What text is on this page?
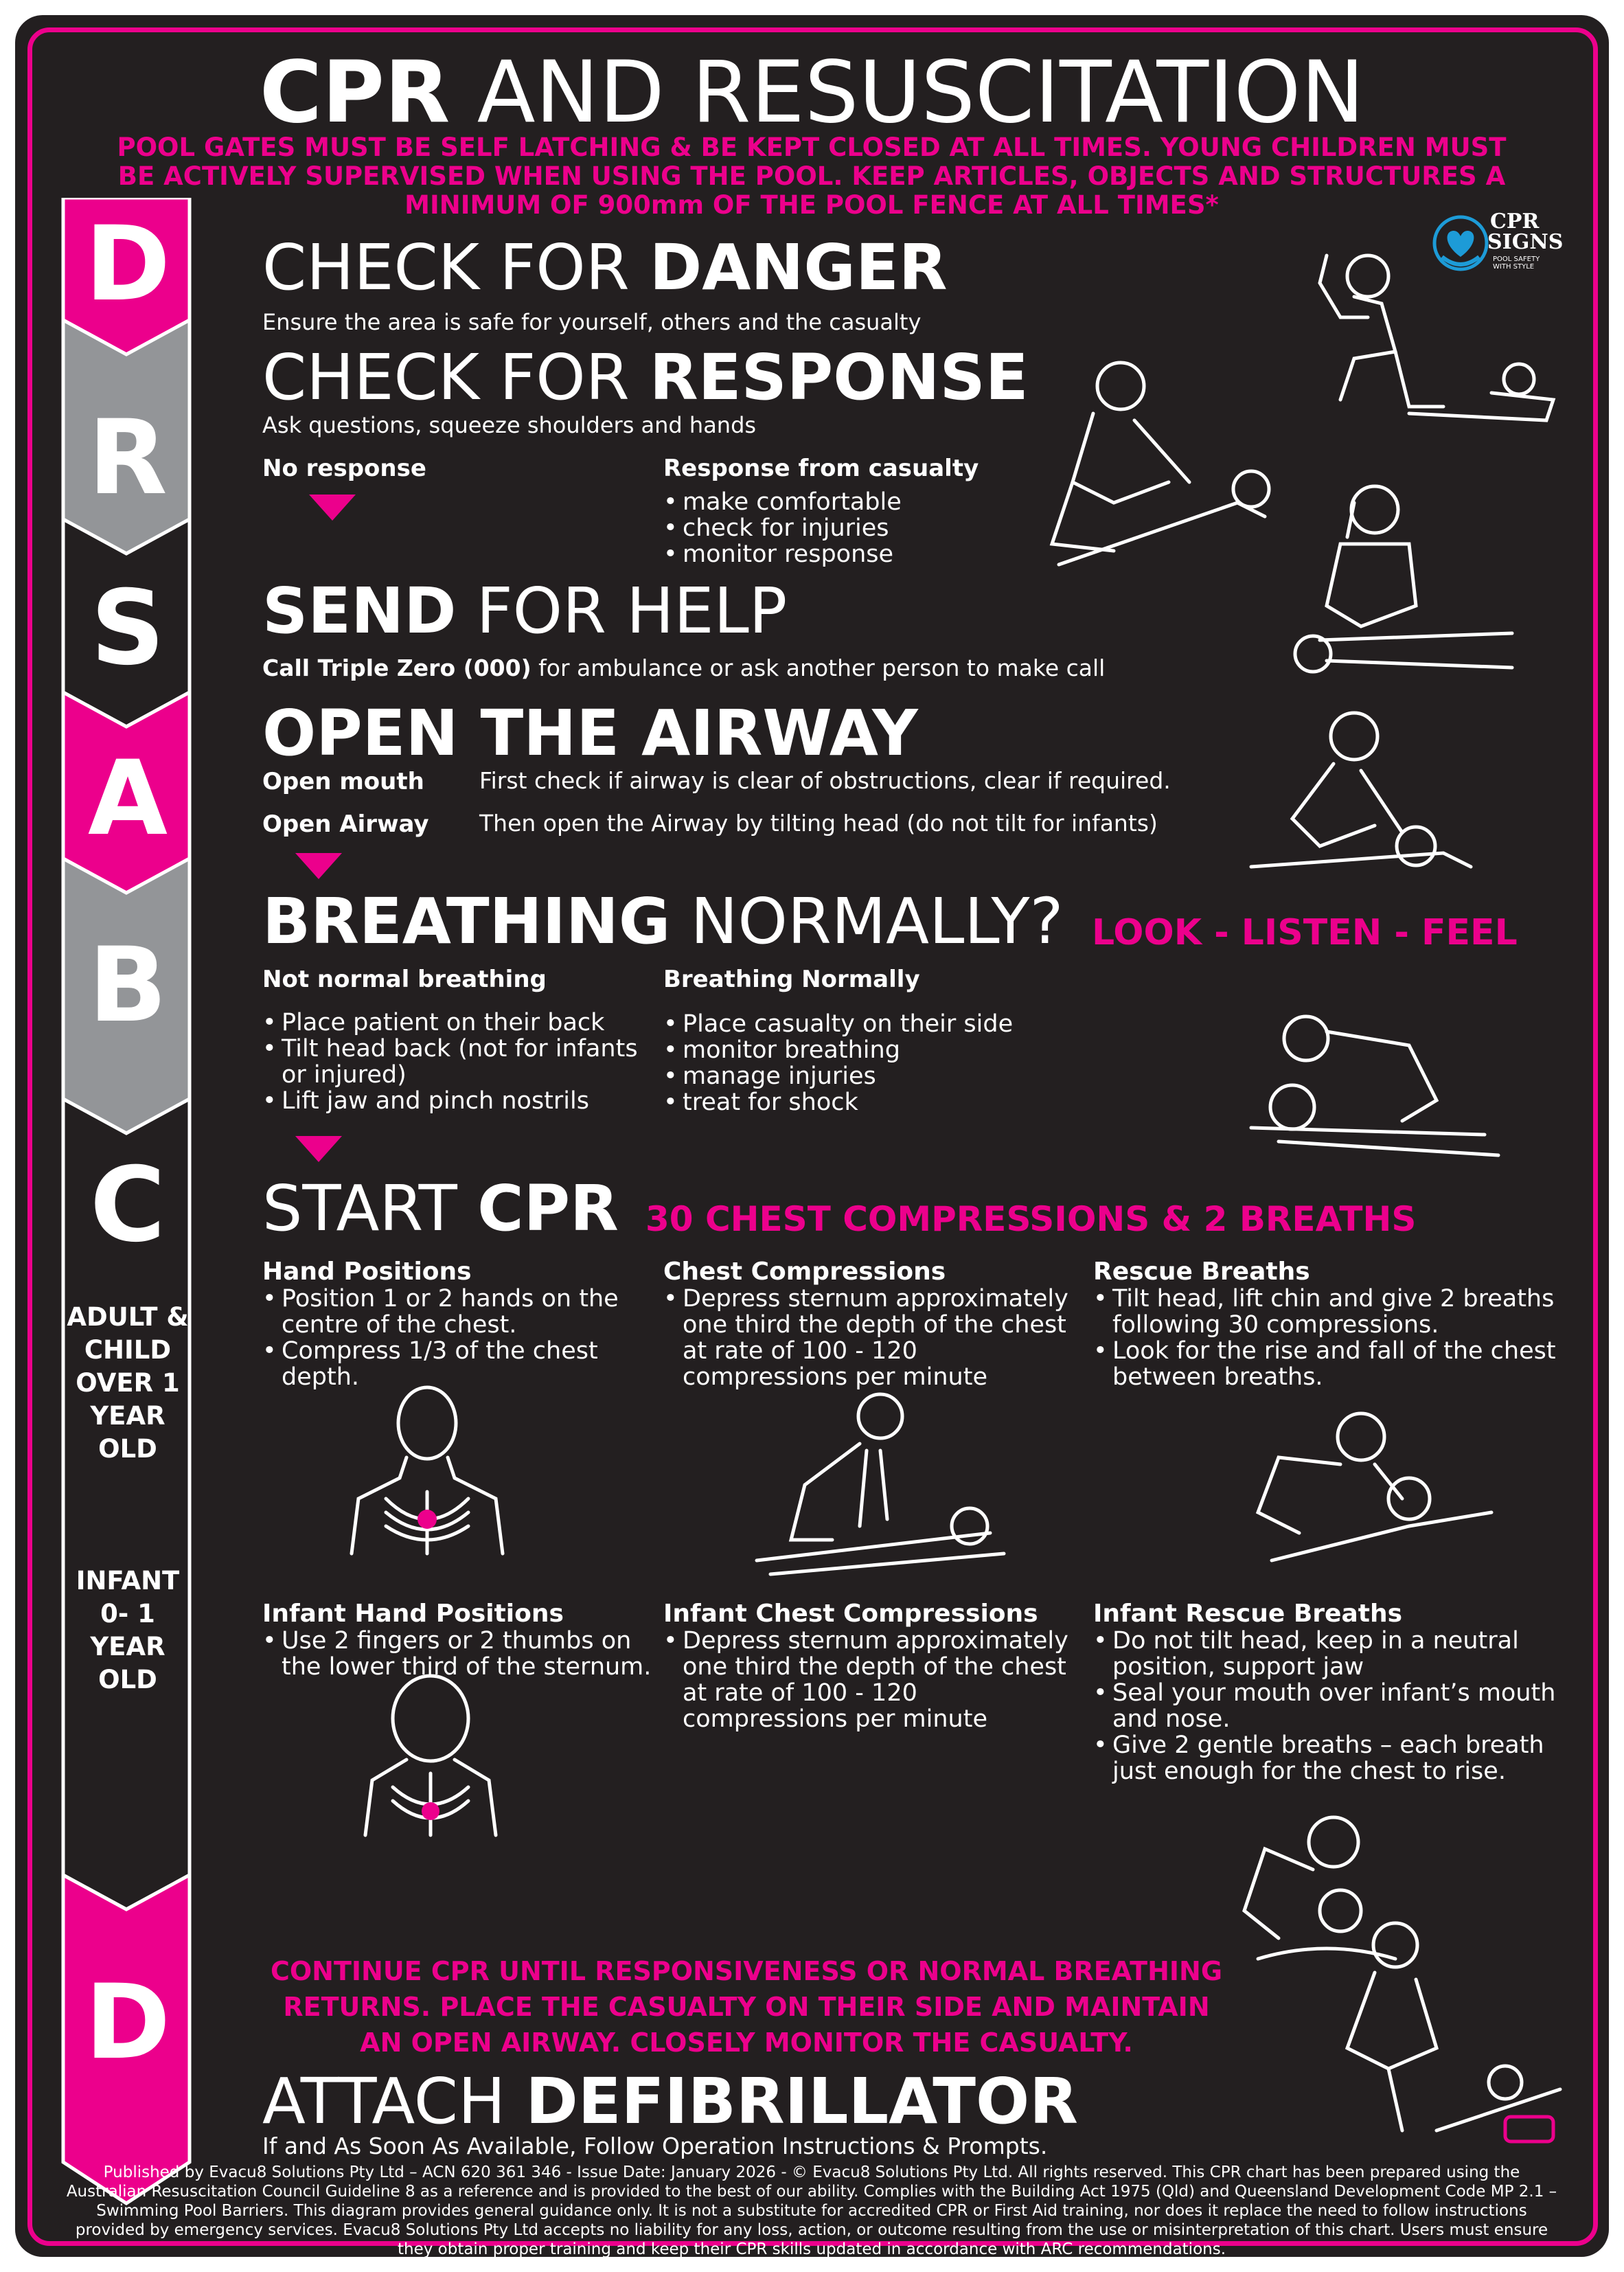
CPR AND RESUSCITATION
POOL GATES MUST BE SELF LATCHING & BE KEPT CLOSED AT ALL TIMES. YOUNG CHILDREN MUST BE ACTIVELY SUPERVISED WHEN USING THE POOL. KEEP ARTICLES, OBJECTS AND STRUCTURES A MINIMUM OF 900mm OF THE POOL FENCE AT ALL TIMES*
CPR
SIGNS
POOL SAFETY WITH STYLE
D
R
S
A
B
C
ADULT & CHILD OVER 1 YEAR OLD
INFANT 0- 1 YEAR OLD
D
CHECK FOR DANGER
Ensure the area is safe for yourself, others and the casualty
CHECK FOR RESPONSE
Ask questions, squeeze shoulders and hands
No response	Response from casualty
• make comfortable
• check for injuries
• monitor response
SEND FOR HELP
Call Triple Zero (000) for ambulance or ask another person to make call
OPEN THE AIRWAY
Open mouth First check if airway is clear of obstructions, clear if required.
Open Airway Then open the Airway by tilting head (do not tilt for infants)
BREATHING NORMALLY? LOOK - LISTEN - FEEL
Not normal breathing
• Place patient on their back
• Tilt head back (not for infants or injured)
• Lift jaw and pinch nostrils
Breathing Normally
• Place casualty on their side
• monitor breathing
• manage injuries
• treat for shock
START CPR 30 CHEST COMPRESSIONS & 2 BREATHS
Hand Positions
• Position 1 or 2 hands on the centre of the chest.
• Compress 1/3 of the chest depth.
Chest Compressions
• Depress sternum approximately one third the depth of the chest at rate of 100 - 120 compressions per minute
Rescue Breaths
• Tilt head, lift chin and give 2 breaths following 30 compressions.
• Look for the rise and fall of the chest between breaths.
Infant Hand Positions
• Use 2 fingers or 2 thumbs on the lower third of the sternum.
Infant Chest Compressions
• Depress sternum approximately one third the depth of the chest at rate of 100 - 120 compressions per minute
Infant Rescue Breaths
• Do not tilt head, keep in a neutral position, support jaw
• Seal your mouth over infant’s mouth and nose.
• Give 2 gentle breaths – each breath just enough for the chest to rise.
CONTINUE CPR UNTIL RESPONSIVENESS OR NORMAL BREATHING
RETURNS. PLACE THE CASUALTY ON THEIR SIDE AND MAINTAIN
AN OPEN AIRWAY. CLOSELY MONITOR THE CASUALTY.
ATTACH DEFIBRILLATOR
If and As Soon As Available, Follow Operation Instructions & Prompts.
Published by Evacu8 Solutions Pty Ltd – ACN 620 361 346 - Issue Date: January 2026 - © Evacu8 Solutions Pty Ltd. All rights reserved. This CPR chart has been prepared using the Australian Resuscitation Council Guideline 8 as a reference and is provided to the best of our ability. Complies with the Building Act 1975 (Qld) and Queensland Development Code MP 2.1 – Swimming Pool Barriers. This diagram provides general guidance only. It is not a substitute for accredited CPR or First Aid training, nor does it replace the need to follow instructions provided by emergency services. Evacu8 Solutions Pty Ltd accepts no liability for any loss, action, or outcome resulting from the use or misinterpretation of this chart. Users must ensure they obtain proper training and keep their CPR skills updated in accordance with ARC recommendations.
